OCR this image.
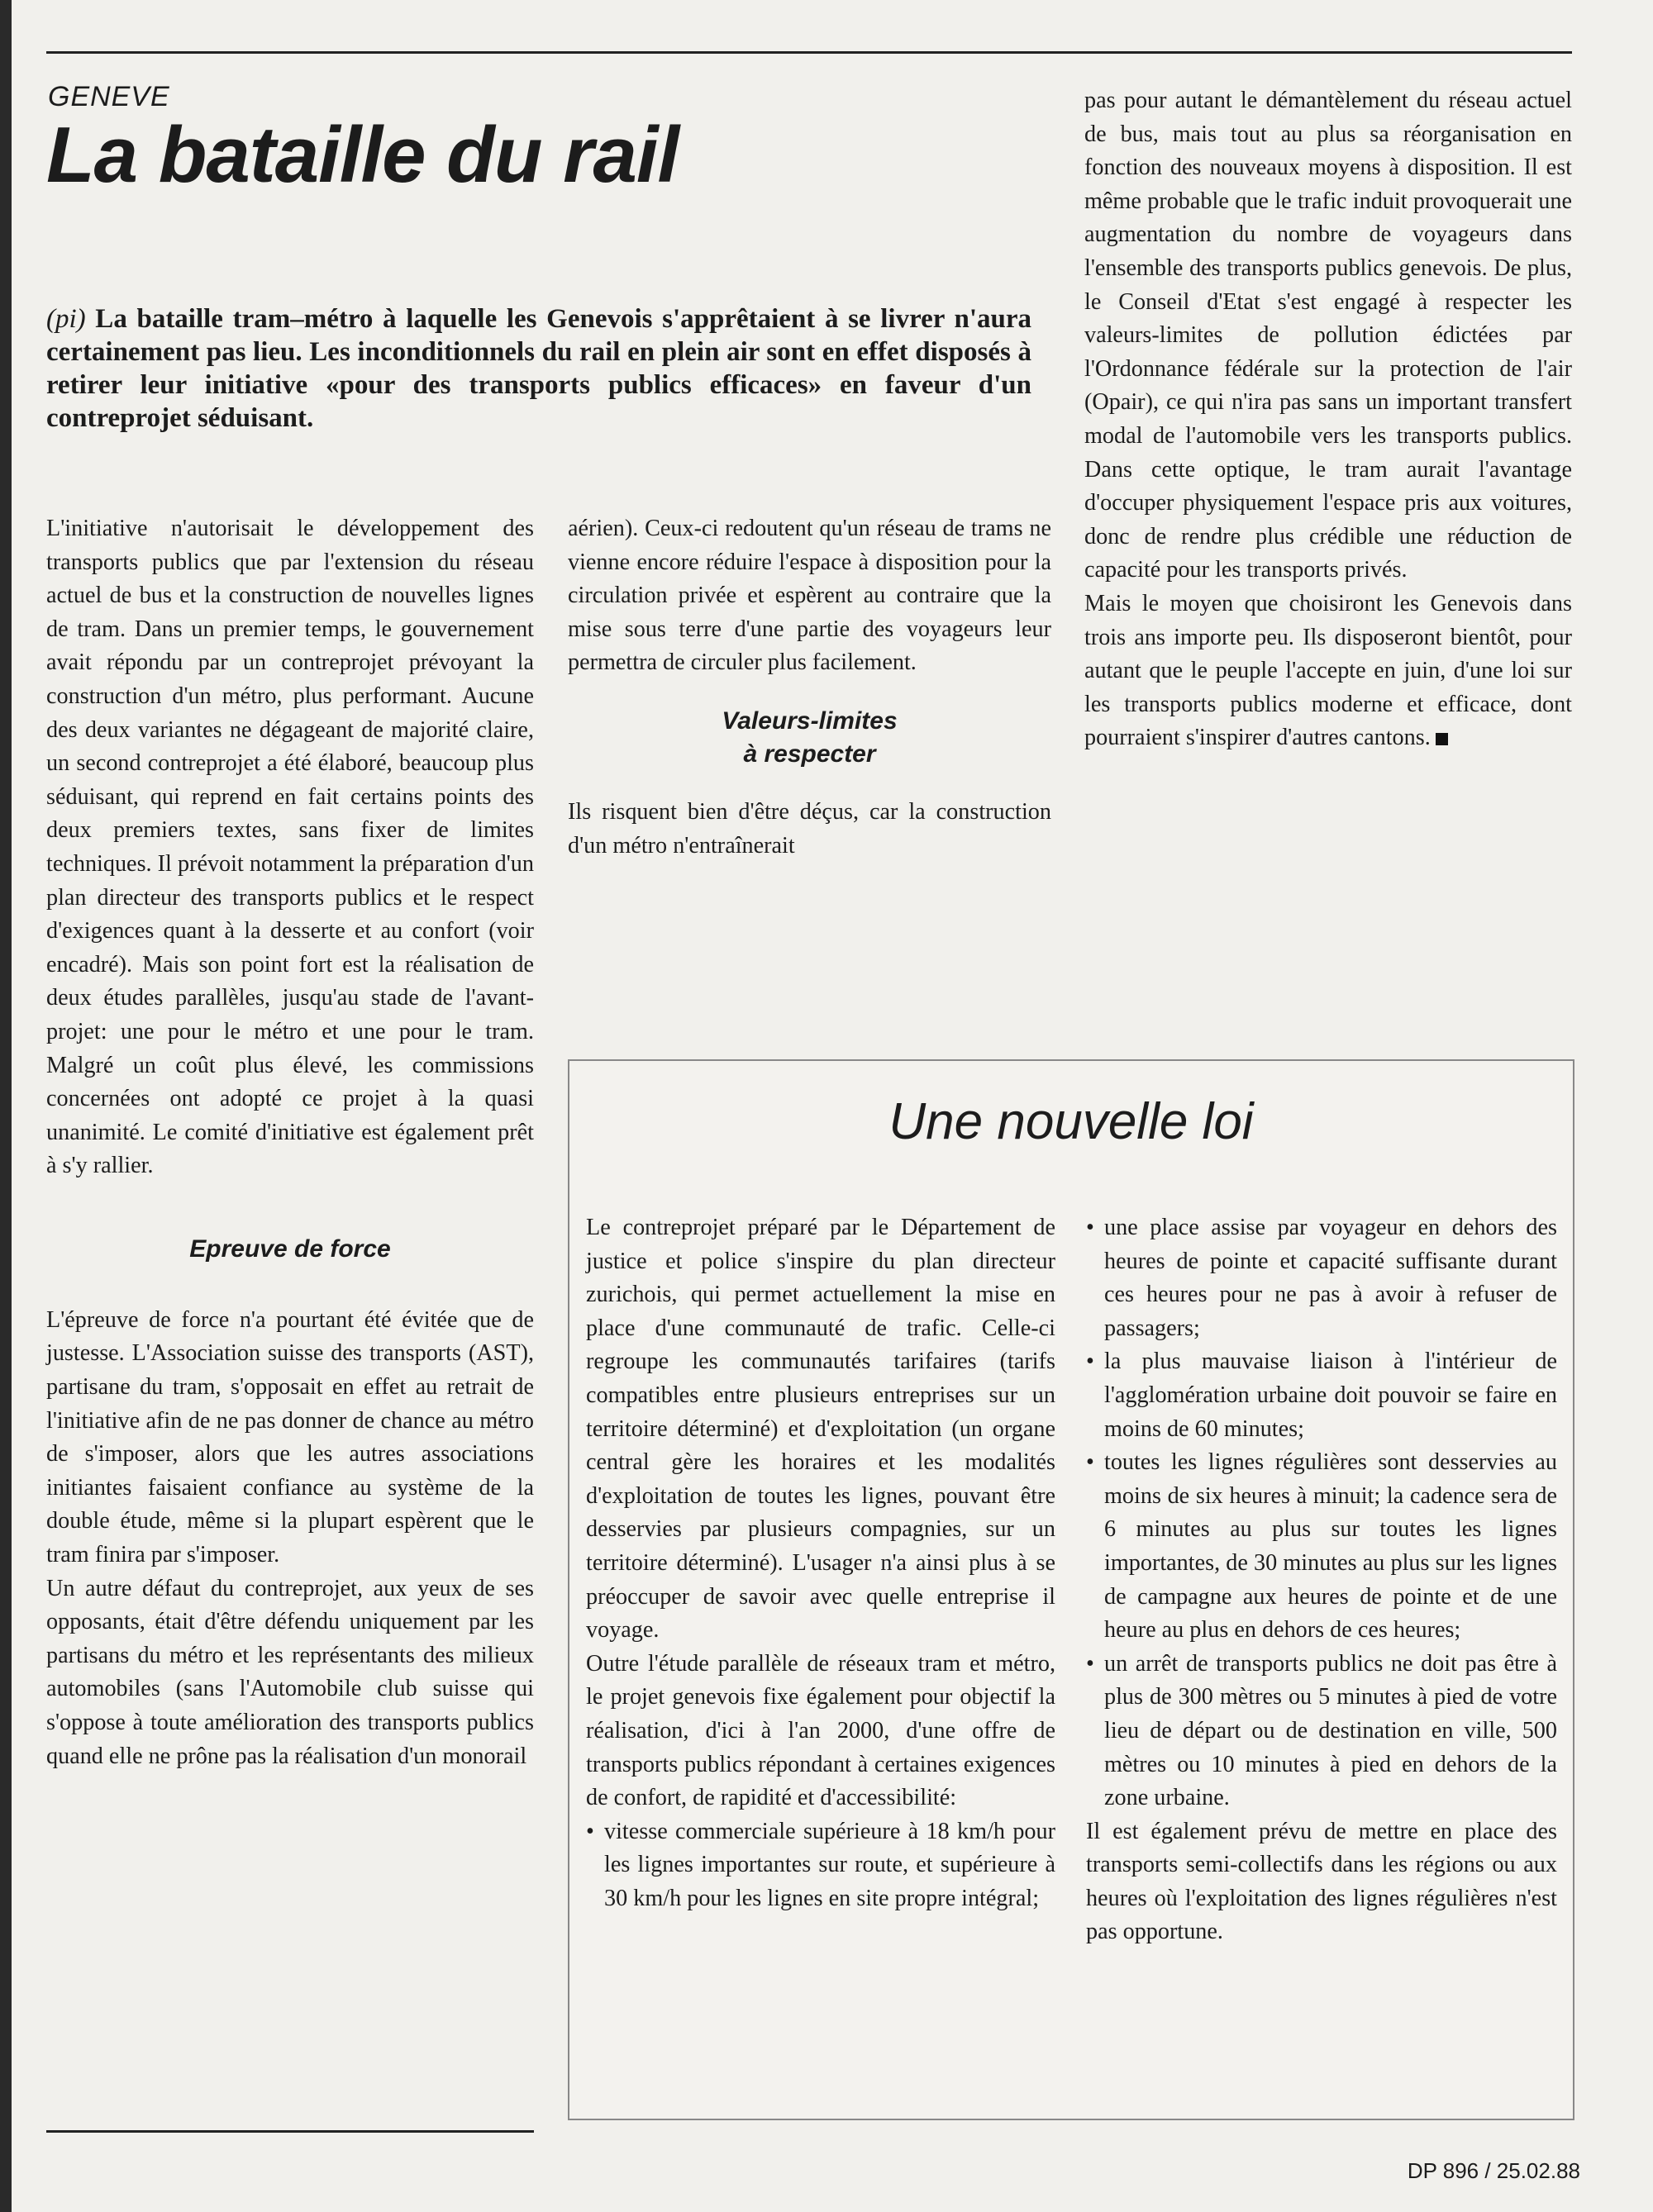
GENEVE
La bataille du rail

(pi) La bataille tram–métro à laquelle les Genevois s'apprêtaient à se livrer n'aura certainement pas lieu. Les inconditionnels du rail en plein air sont en effet disposés à retirer leur initiative «pour des transports publics efficaces» en faveur d'un contreprojet séduisant.

L'initiative n'autorisait le développement des transports publics que par l'extension du réseau actuel de bus et la construction de nouvelles lignes de tram. Dans un premier temps, le gouvernement avait répondu par un contreprojet prévoyant la construction d'un métro, plus performant. Aucune des deux variantes ne dégageant de majorité claire, un second contreprojet a été élaboré, beaucoup plus séduisant, qui reprend en fait certains points des deux premiers textes, sans fixer de limites techniques. Il prévoit notamment la préparation d'un plan directeur des transports publics et le respect d'exigences quant à la desserte et au confort (voir encadré). Mais son point fort est la réalisation de deux études parallèles, jusqu'au stade de l'avant-projet: une pour le métro et une pour le tram. Malgré un coût plus élevé, les commissions concernées ont adopté ce projet à la quasi unanimité. Le comité d'initiative est également prêt à s'y rallier.

Epreuve de force

L'épreuve de force n'a pourtant été évitée que de justesse. L'Association suisse des transports (AST), partisane du tram, s'opposait en effet au retrait de l'initiative afin de ne pas donner de chance au métro de s'imposer, alors que les autres associations initiantes faisaient confiance au système de la double étude, même si la plupart espèrent que le tram finira par s'imposer.

Un autre défaut du contreprojet, aux yeux de ses opposants, était d'être défendu uniquement par les partisans du métro et les représentants des milieux automobiles (sans l'Automobile club suisse qui s'oppose à toute amélioration des transports publics quand elle ne prône pas la réalisation d'un monorail

aérien). Ceux-ci redoutent qu'un réseau de trams ne vienne encore réduire l'espace à disposition pour la circulation privée et espèrent au contraire que la mise sous terre d'une partie des voyageurs leur permettra de circuler plus facilement.

Valeurs-limites

à respecter

Ils risquent bien d'être déçus, car la construction d'un métro n'entraînerait

pas pour autant le démantèlement du réseau actuel de bus, mais tout au plus sa réorganisation en fonction des nouveaux moyens à disposition. Il est même probable que le trafic induit provoquerait une augmentation du nombre de voyageurs dans l'ensemble des transports publics genevois. De plus, le Conseil d'Etat s'est engagé à respecter les valeurs-limites de pollution édictées par l'Ordonnance fédérale sur la protection de l'air (Opair), ce qui n'ira pas sans un important transfert modal de l'automobile vers les transports publics. Dans cette optique, le tram aurait l'avantage d'occuper physiquement l'espace pris aux voitures, donc de rendre plus crédible une réduction de capacité pour les transports privés.

Mais le moyen que choisiront les Genevois dans trois ans importe peu. Ils disposeront bientôt, pour autant que le peuple l'accepte en juin, d'une loi sur les transports publics moderne et efficace, dont pourraient s'inspirer d'autres cantons.

Une nouvelle loi

Le contreprojet préparé par le Département de justice et police s'inspire du plan directeur zurichois, qui permet actuellement la mise en place d'une communauté de trafic. Celle-ci regroupe les communautés tarifaires (tarifs compatibles entre plusieurs entreprises sur un territoire déterminé) et d'exploitation (un organe central gère les horaires et les modalités d'exploitation de toutes les lignes, pouvant être desservies par plusieurs compagnies, sur un territoire déterminé). L'usager n'a ainsi plus à se préoccuper de savoir avec quelle entreprise il voyage.

Outre l'étude parallèle de réseaux tram et métro, le projet genevois fixe également pour objectif la réalisation, d'ici à l'an 2000, d'une offre de transports publics répondant à certaines exigences de confort, de rapidité et d'accessibilité:

• vitesse commerciale supérieure à 18 km/h pour les lignes importantes sur route, et supérieure à 30 km/h pour les lignes en site propre intégral;
• une place assise par voyageur en dehors des heures de pointe et capacité suffisante durant ces heures pour ne pas à avoir à refuser de passagers;
• la plus mauvaise liaison à l'intérieur de l'agglomération urbaine doit pouvoir se faire en moins de 60 minutes;
• toutes les lignes régulières sont desservies au moins de six heures à minuit; la cadence sera de 6 minutes au plus sur toutes les lignes importantes, de 30 minutes au plus sur les lignes de campagne aux heures de pointe et de une heure au plus en dehors de ces heures;
• un arrêt de transports publics ne doit pas être à plus de 300 mètres ou 5 minutes à pied de votre lieu de départ ou de destination en ville, 500 mètres ou 10 minutes à pied en dehors de la zone urbaine.

Il est également prévu de mettre en place des transports semi-collectifs dans les régions ou aux heures où l'exploitation des lignes régulières n'est pas opportune.

DP 896 / 25.02.88
